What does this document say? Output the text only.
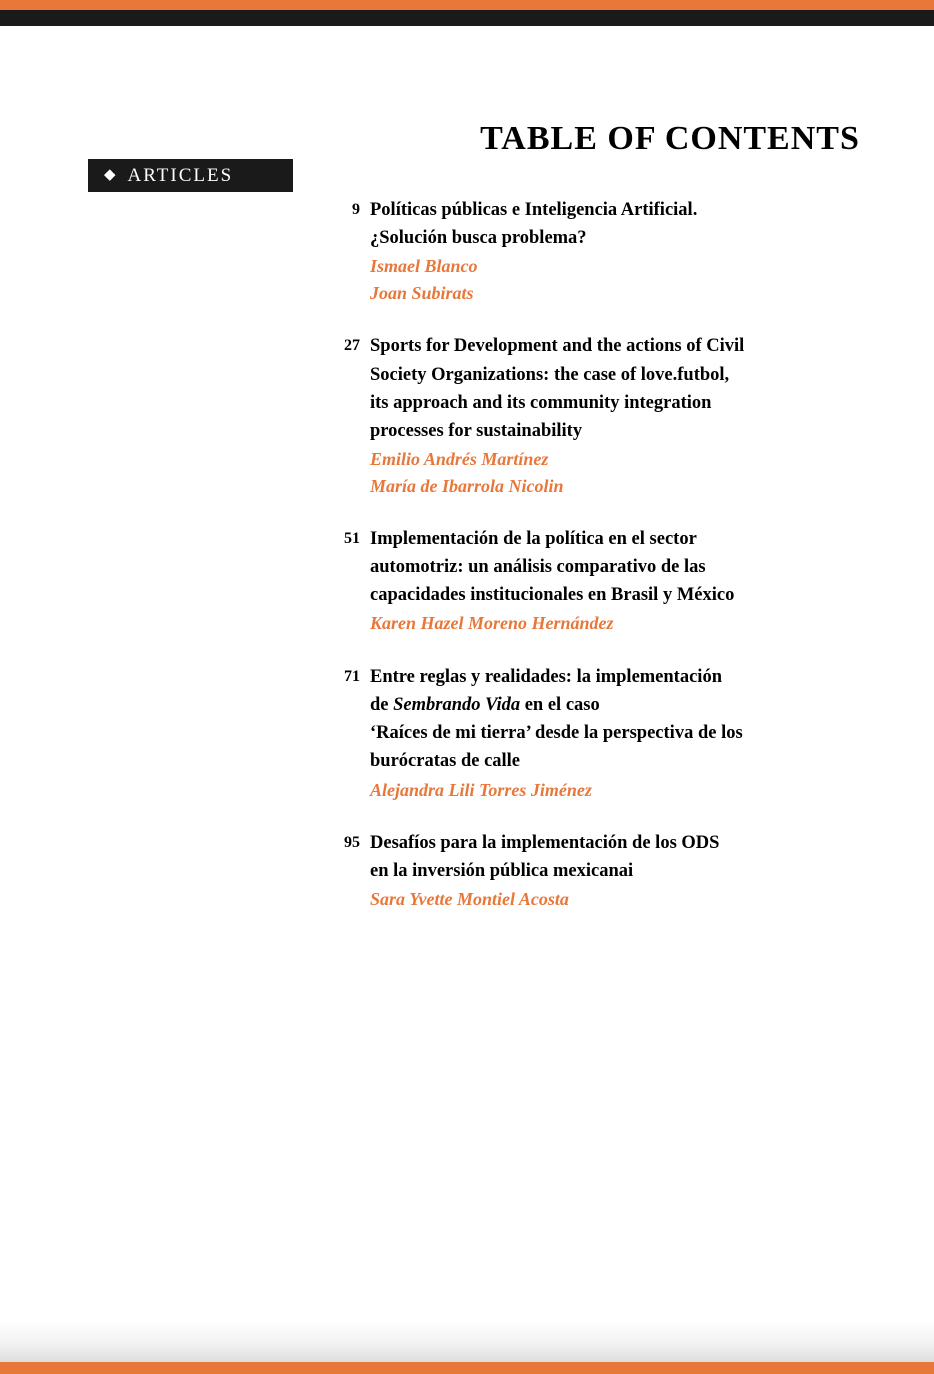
TABLE OF CONTENTS
◆ ARTICLES
9 Políticas públicas e Inteligencia Artificial.
¿Solución busca problema?
Ismael Blanco
Joan Subirats
27 Sports for Development and the actions of Civil
Society Organizations: the case of love.futbol,
its approach and its community integration
processes for sustainability
Emilio Andrés Martínez
María de Ibarrola Nicolin
51 Implementación de la política en el sector
automotriz: un análisis comparativo de las
capacidades institucionales en Brasil y México
Karen Hazel Moreno Hernández
71 Entre reglas y realidades: la implementación
de Sembrando Vida en el caso
‘Raíces de mi tierra’ desde la perspectiva de los
burócratas de calle
Alejandra Lili Torres Jiménez
95 Desafíos para la implementación de los ODS
en la inversión pública mexicanai
Sara Yvette Montiel Acosta
